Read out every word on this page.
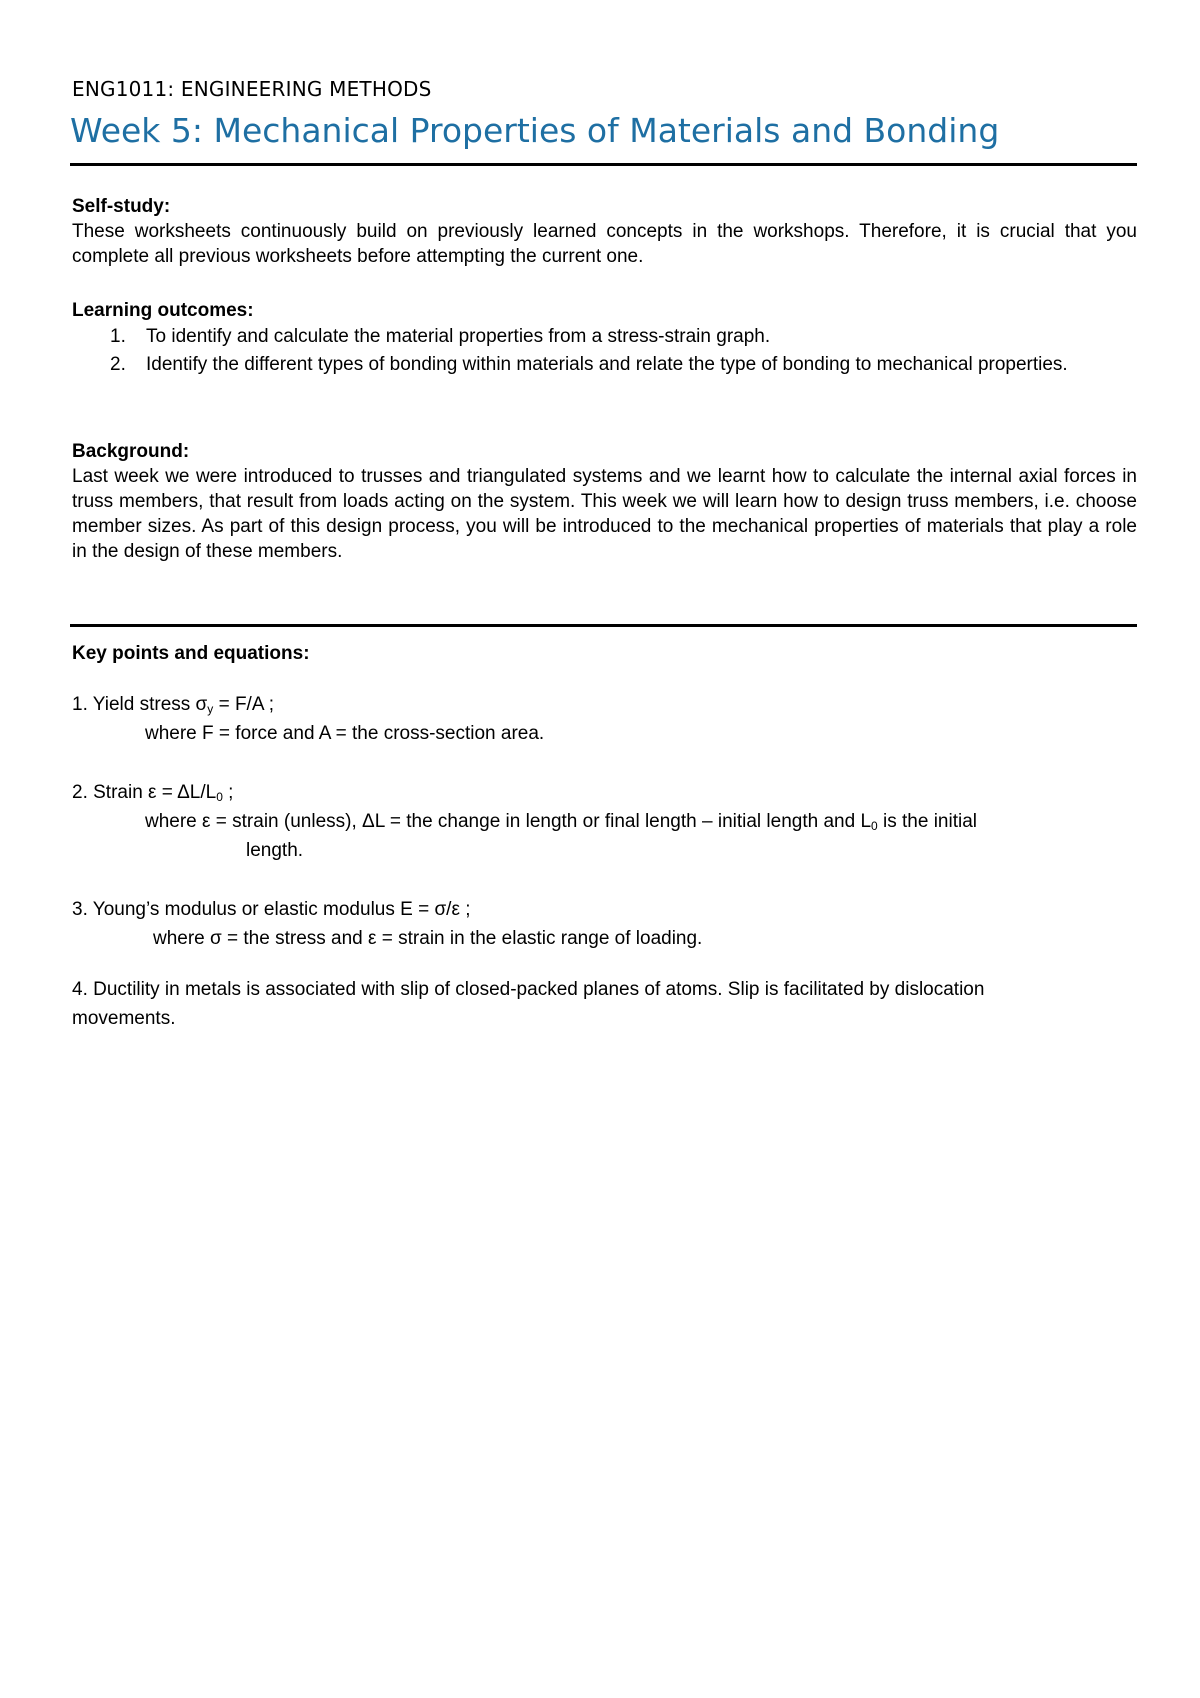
ENG1011: ENGINEERING METHODS
Week 5: Mechanical Properties of Materials and Bonding
Self-study:
These worksheets continuously build on previously learned concepts in the workshops. Therefore, it is crucial that you complete all previous worksheets before attempting the current one.
Learning outcomes:
1. To identify and calculate the material properties from a stress-strain graph.
2. Identify the different types of bonding within materials and relate the type of bonding to mechanical properties.
Background:
Last week we were introduced to trusses and triangulated systems and we learnt how to calculate the internal axial forces in truss members, that result from loads acting on the system. This week we will learn how to design truss members, i.e. choose member sizes. As part of this design process, you will be introduced to the mechanical properties of materials that play a role in the design of these members.
Key points and equations:
1. Yield stress $\sigma_y = F/A$ ;
where F = force and A = the cross-section area.
2. Strain $\varepsilon = \Delta L/L_0$ ;
where ε = strain (unless), ΔL = the change in length or final length – initial length and $L_0$ is the initial
length.
3. Young’s modulus or elastic modulus E = σ/ε ;
where σ = the stress and ε = strain in the elastic range of loading.
4. Ductility in metals is associated with slip of closed-packed planes of atoms. Slip is facilitated by dislocation movements.
